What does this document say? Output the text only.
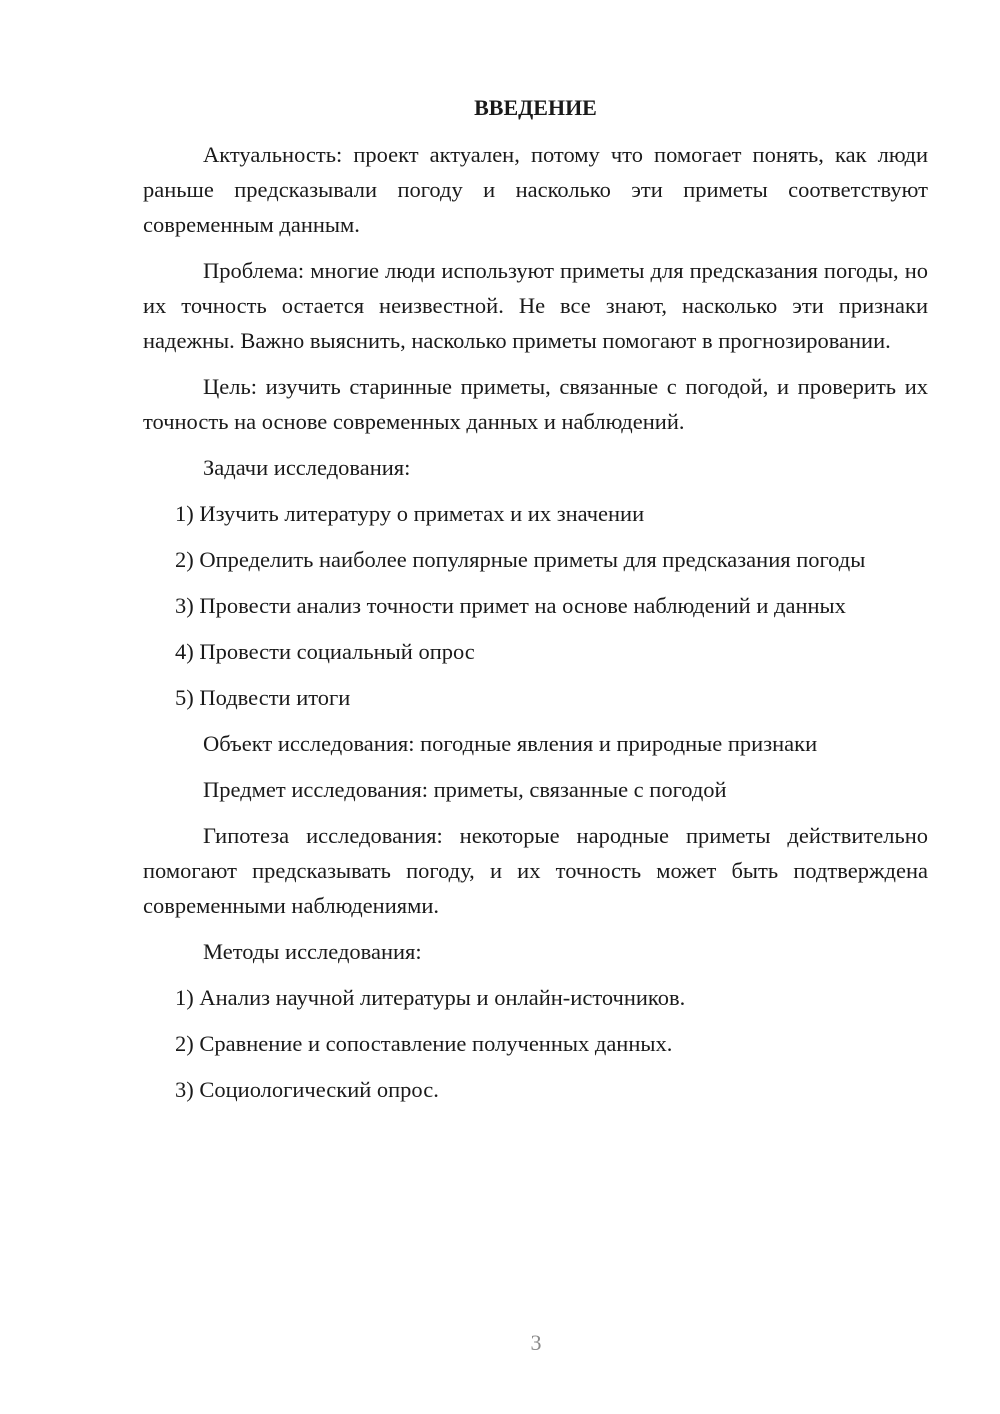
ВВЕДЕНИЕ

Актуальность: проект актуален, потому что помогает понять, как люди раньше предсказывали погоду и насколько эти приметы соответствуют современным данным.

Проблема: многие люди используют приметы для предсказания погоды, но их точность остается неизвестной. Не все знают, насколько эти признаки надежны. Важно выяснить, насколько приметы помогают в прогнозировании.

Цель: изучить старинные приметы, связанные с погодой, и проверить их точность на основе современных данных и наблюдений.

Задачи исследования:

1) Изучить литературу о приметах и их значении

2) Определить наиболее популярные приметы для предсказания погоды

3) Провести анализ точности примет на основе наблюдений и данных

4) Провести социальный опрос

5) Подвести итоги

Объект исследования: погодные явления и природные признаки

Предмет исследования: приметы, связанные с погодой

Гипотеза исследования: некоторые народные приметы действительно помогают предсказывать погоду, и их точность может быть подтверждена современными наблюдениями.

Методы исследования:

1) Анализ научной литературы и онлайн-источников.

2) Сравнение и сопоставление полученных данных.

3) Социологический опрос.

3
